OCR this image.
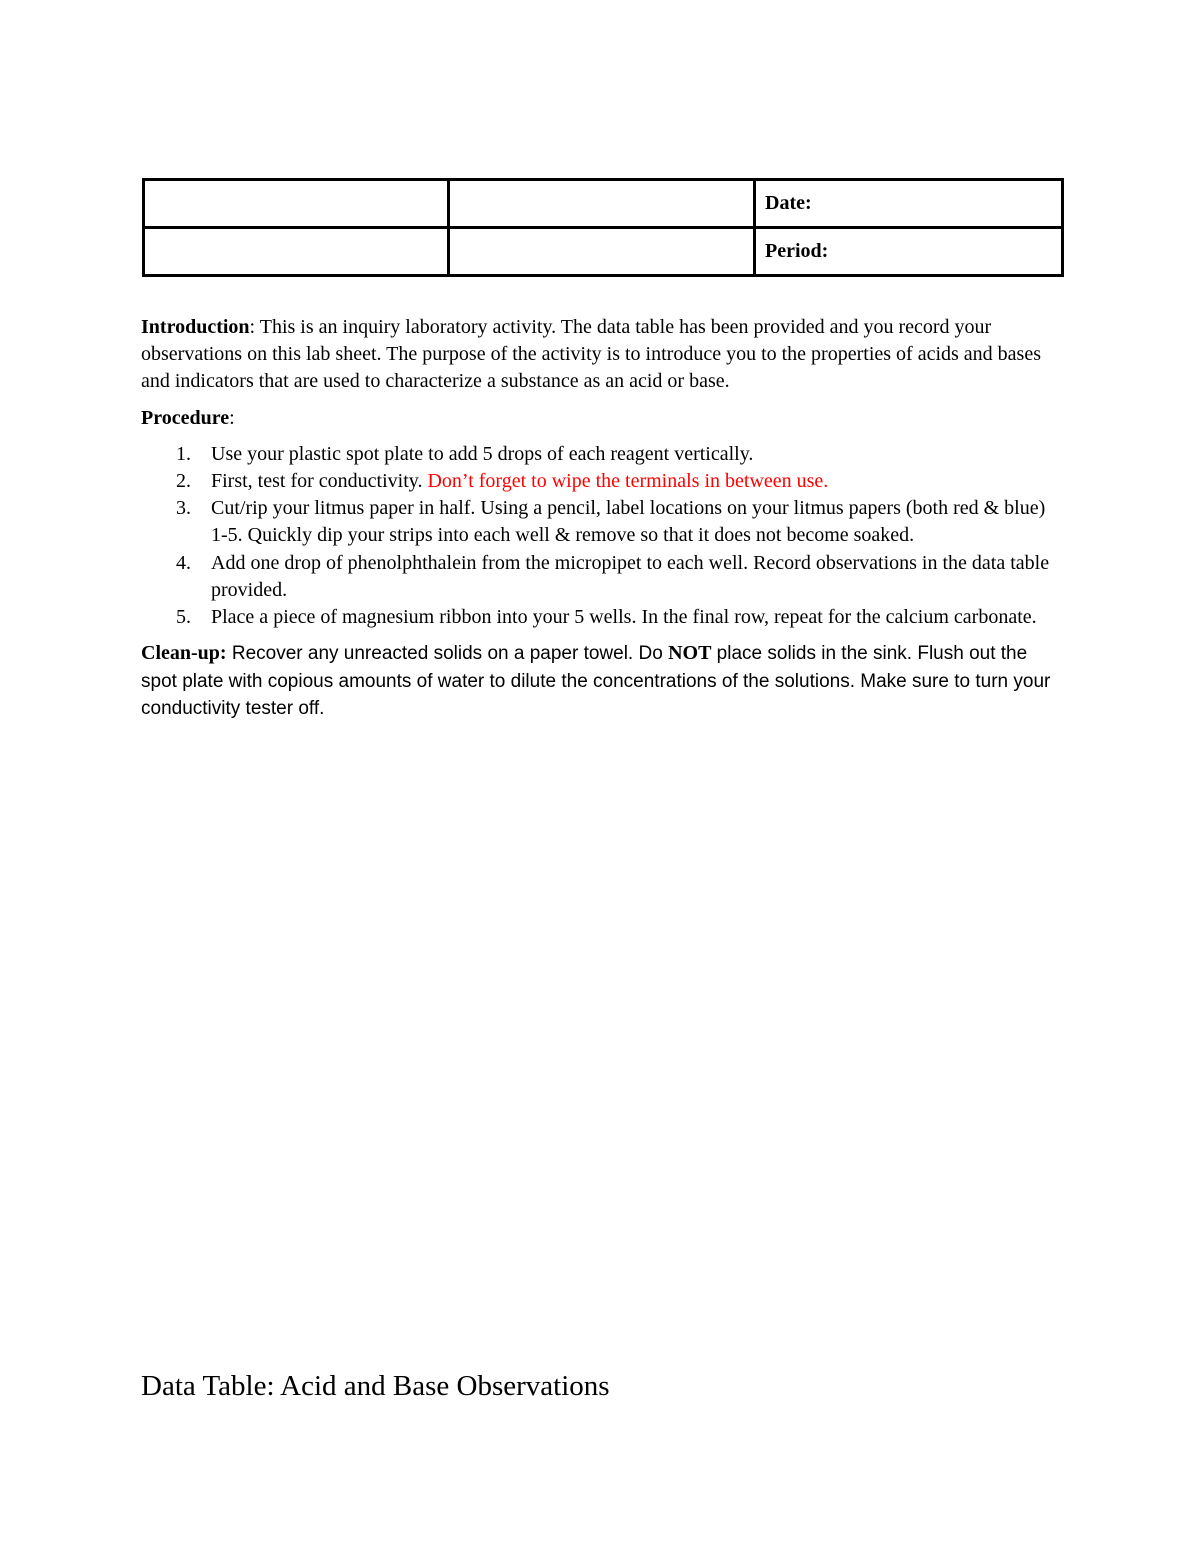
		Date:
		Period:

Introduction: This is an inquiry laboratory activity. The data table has been provided and you record your observations on this lab sheet. The purpose of the activity is to introduce you to the properties of acids and bases and indicators that are used to characterize a substance as an acid or base.

Procedure:

1. Use your plastic spot plate to add 5 drops of each reagent vertically.
2. First, test for conductivity. Don’t forget to wipe the terminals in between use.
3. Cut/rip your litmus paper in half. Using a pencil, label locations on your litmus papers (both red & blue) 1-5. Quickly dip your strips into each well & remove so that it does not become soaked.
4. Add one drop of phenolphthalein from the micropipet to each well. Record observations in the data table provided.
5. Place a piece of magnesium ribbon into your 5 wells. In the final row, repeat for the calcium carbonate.

Clean-up: Recover any unreacted solids on a paper towel. Do NOT place solids in the sink. Flush out the spot plate with copious amounts of water to dilute the concentrations of the solutions. Make sure to turn your conductivity tester off.

Data Table: Acid and Base Observations
